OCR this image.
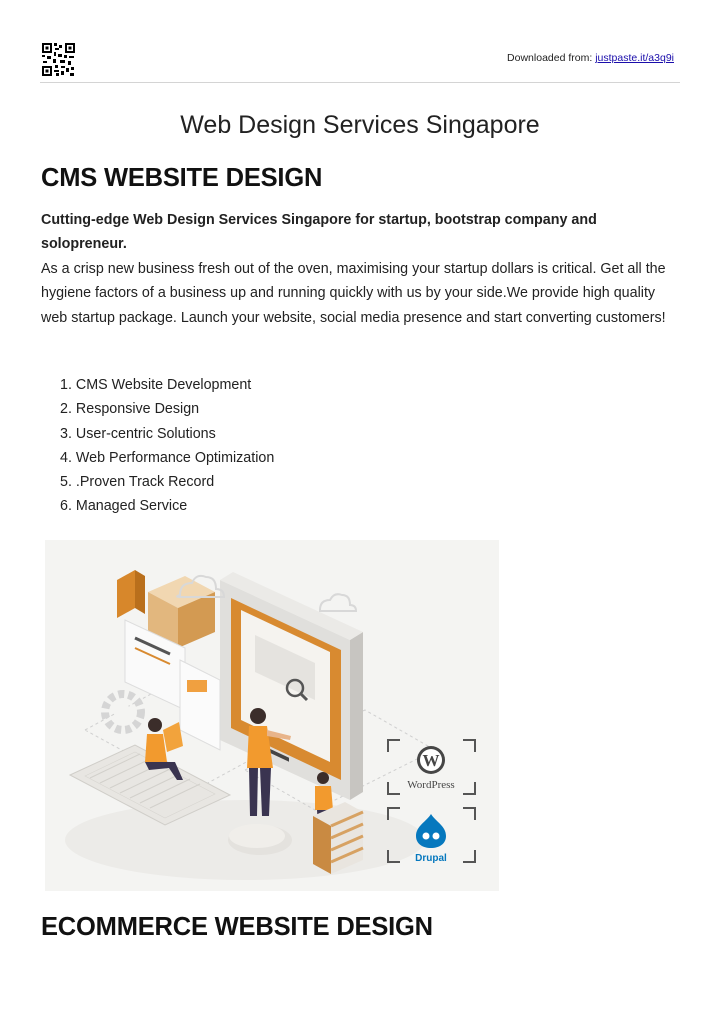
Downloaded from: justpaste.it/a3q9i
Web Design Services Singapore
CMS WEBSITE DESIGN

Cutting-edge Web Design Services Singapore for startup, bootstrap company and solopreneur.
As a crisp new business fresh out of the oven, maximising your startup dollars is critical. Get all the hygiene factors of a business up and running quickly with us by your side.We provide high quality web startup package. Launch your website, social media presence and start converting customers!

1. CMS Website Development
2. Responsive Design
3. User-centric Solutions
4. Web Performance Optimization
5. .Proven Track Record
6. Managed Service
W
WordPress
Drupal
ECOMMERCE WEBSITE DESIGN
